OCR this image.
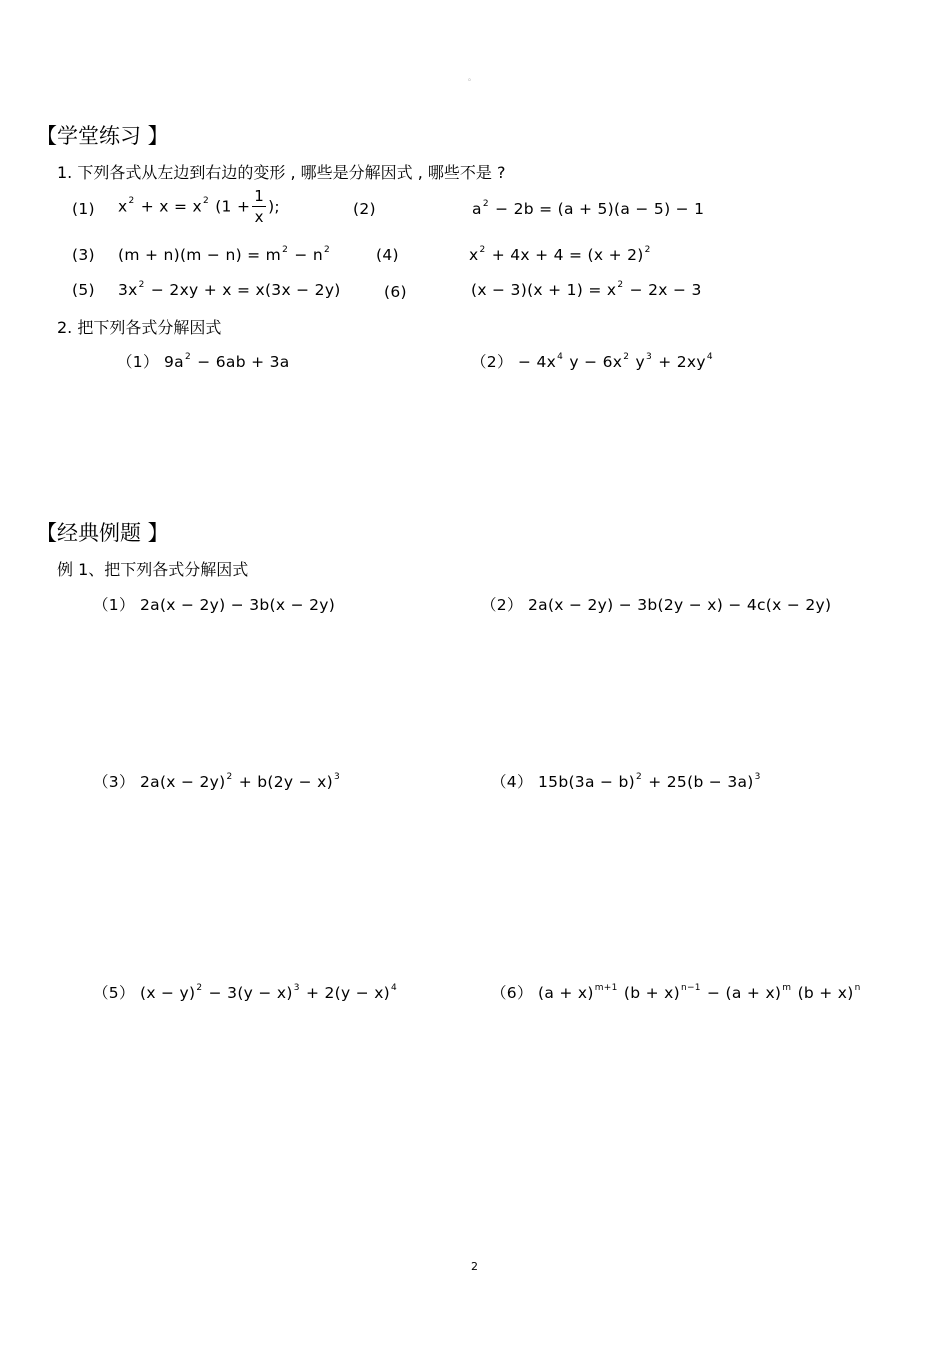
。
【学堂练习 】
1. 下列各式从左边到右边的变形 , 哪些是分解因式 , 哪些不是 ?
(1) $x^2 + x = x^2$ ($1 + \frac{1}{x}$ );	(2)	$a^2 - 2b = (a + 5)(a - 5) - 1$
(3) $(m + n)(m - n) = m^2 - n^2$	(4)	$x^2 + 4x + 4 = (x + 2)^2$
(5) $3x^2 - 2xy + x = x(3x - 2y)$	(6)	$(x - 3)(x + 1) = x^2 - 2x - 3$
2. 把下列各式分解因式
（1） $9a^2 - 6ab + 3a$	$(2) - 4x^4$ $y - 6x^2$ $y^3 + 2xy^4$
【经典例题 】
例 1、把下列各式分解因式
（1） 2a(x − 2y) − 3b(x − 2y)	（2） 2a(x − 2y) − 3b(2y − x) − 4c(x − 2y)
（3） $2a(x - 2y)^2 + b(2y - x)^3$	（4） $15b(3a - b)^2 + 25(b - 3a)^3$
（5） $(x - y)^2 - 3(y - x)^3 + 2(y - x)^4$	（6） $(a + x)^{m+1}$ $(b + x)^{n-1} - (a + x)^m$ $(b + x)^n$
2
